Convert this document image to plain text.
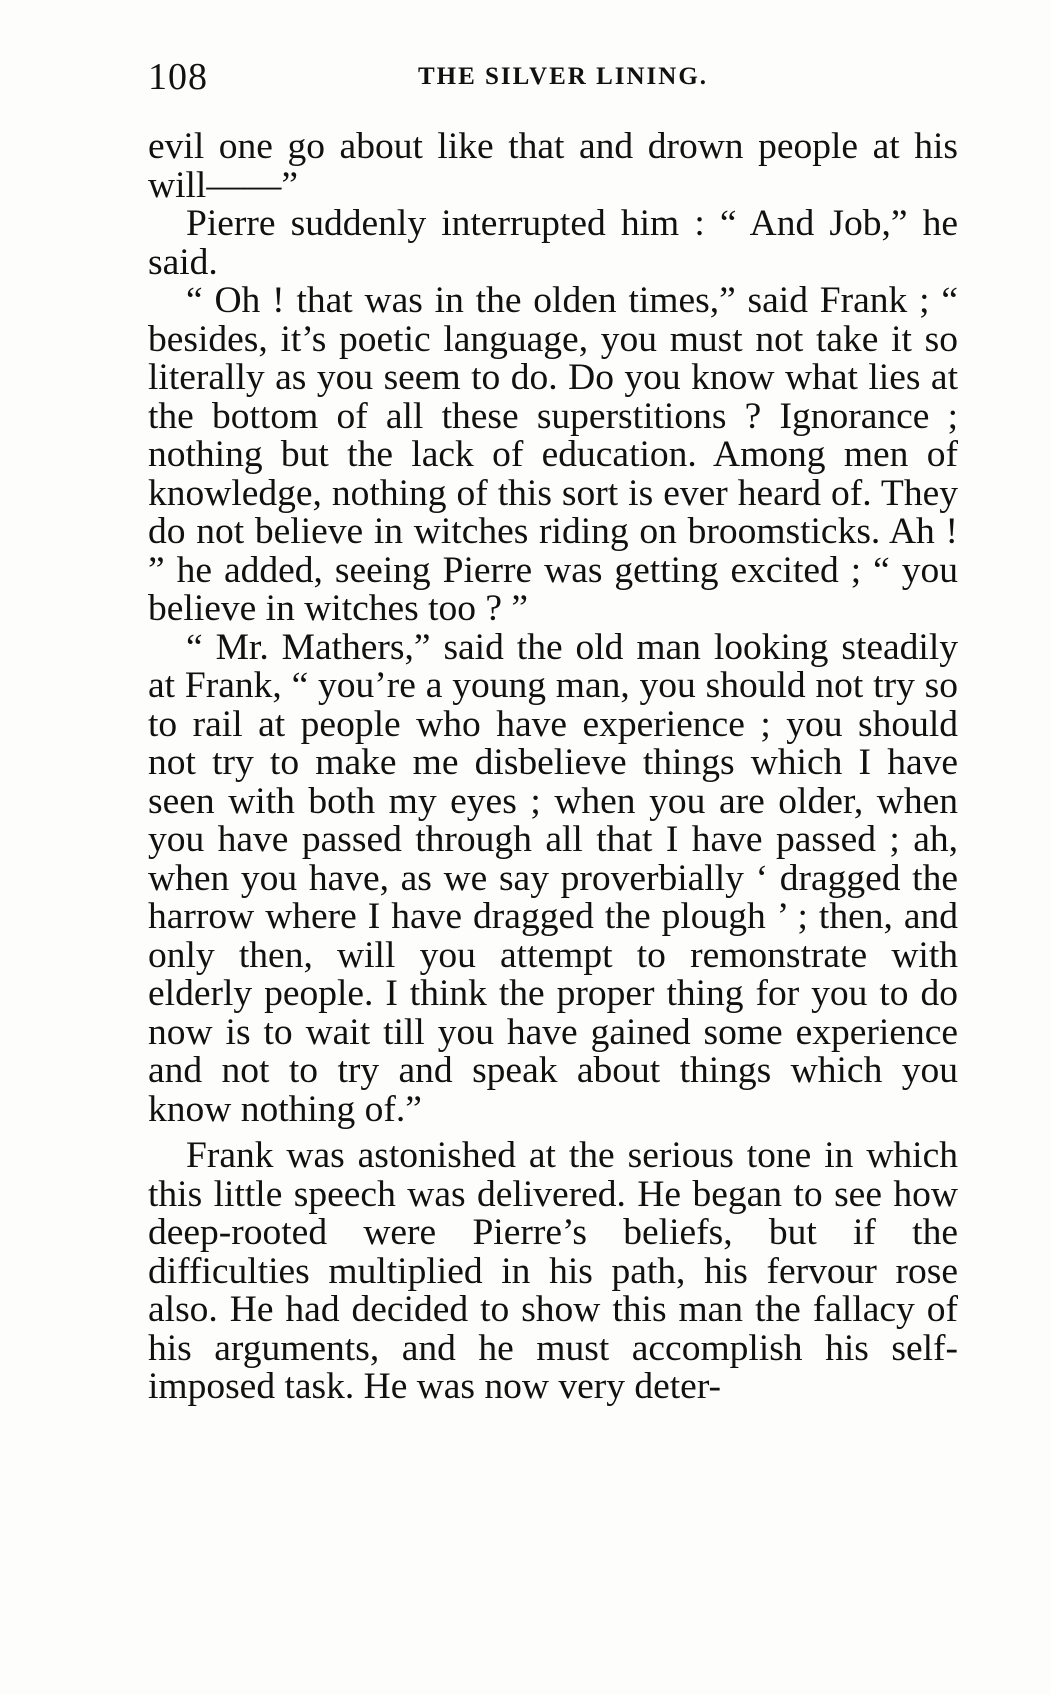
108	THE SILVER LINING.

evil one go about like that and drown people at his will——”

Pierre suddenly interrupted him : “ And Job,” he said.

“ Oh ! that was in the olden times,” said Frank ; “ besides, it’s poetic language, you must not take it so literally as you seem to do. Do you know what lies at the bottom of all these superstitions ? Ignorance ; nothing but the lack of education. Among men of knowledge, nothing of this sort is ever heard of. They do not believe in witches riding on broomsticks. Ah ! ” he added, seeing Pierre was getting excited ; “ you believe in witches too ? ”

“ Mr. Mathers,” said the old man looking steadily at Frank, “ you’re a young man, you should not try so to rail at people who have experience ; you should not try to make me disbelieve things which I have seen with both my eyes ; when you are older, when you have passed through all that I have passed ; ah, when you have, as we say proverbially ‘ dragged the harrow where I have dragged the plough ’ ; then, and only then, will you attempt to remonstrate with elderly people. I think the proper thing for you to do now is to wait till you have gained some experience and not to try and speak about things which you know nothing of.”

Frank was astonished at the serious tone in which this little speech was delivered. He began to see how deep-rooted were Pierre’s beliefs, but if the difficulties multiplied in his path, his fervour rose also. He had decided to show this man the fallacy of his arguments, and he must accomplish his self-imposed task. He was now very deter-
